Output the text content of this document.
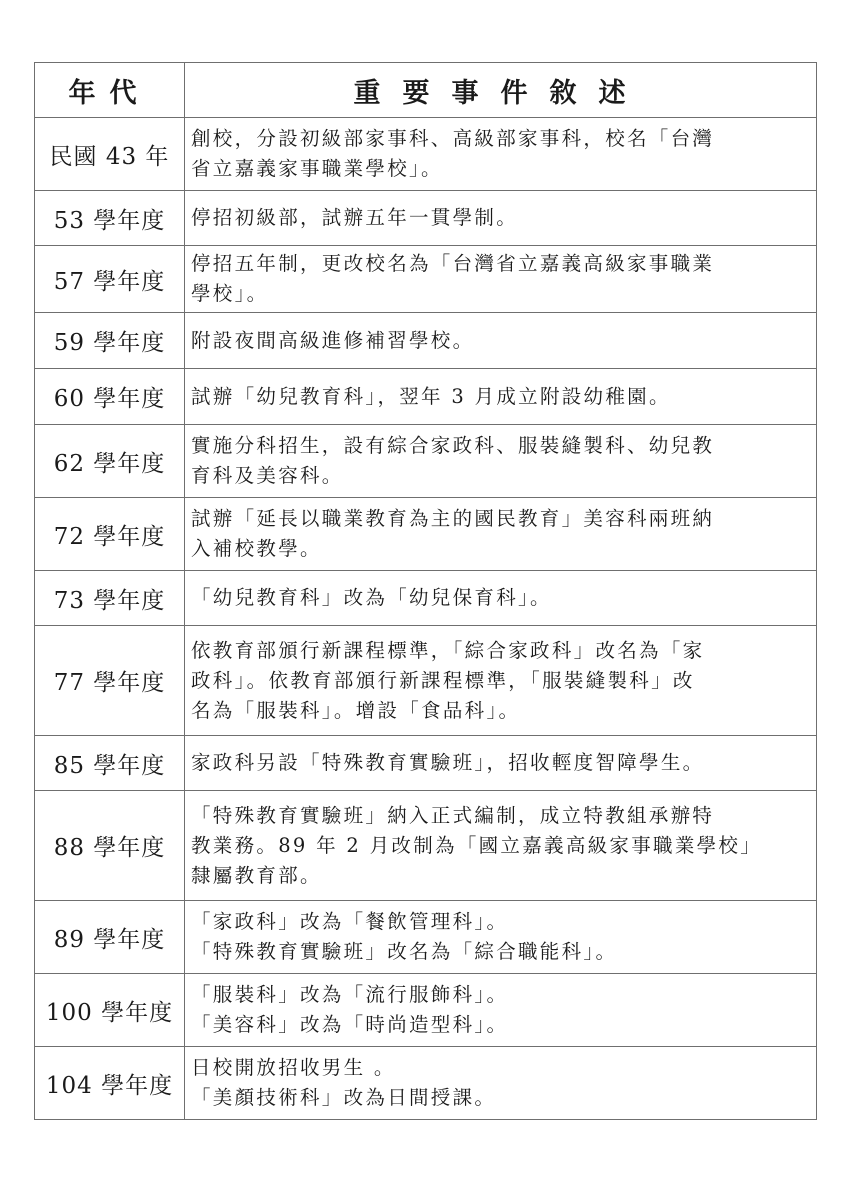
年代	重要事件敘述
民國 43 年	創校，分設初級部家事科、高級部家事科，校名「台灣
省立嘉義家事職業學校」。

53 學年度	停招初級部，試辦五年一貫學制。

57 學年度	停招五年制，更改校名為「台灣省立嘉義高級家事職業
學校」。

59 學年度	附設夜間高級進修補習學校。

60 學年度	試辦「幼兒教育科」，翌年 3 月成立附設幼稚園。

62 學年度	實施分科招生，設有綜合家政科、服裝縫製科、幼兒教
育科及美容科。

72 學年度	試辦「延長以職業教育為主的國民教育」美容科兩班納
入補校教學。

73 學年度	「幼兒教育科」改為「幼兒保育科」。

77 學年度	依教育部頒行新課程標準，「綜合家政科」改名為「家
政科」。依教育部頒行新課程標準，「服裝縫製科」改
名為「服裝科」。增設「食品科」。

85 學年度	家政科另設「特殊教育實驗班」，招收輕度智障學生。

88 學年度	「特殊教育實驗班」納入正式編制，成立特教組承辦特
教業務。89 年 2 月改制為「國立嘉義高級家事職業學校」
隸屬教育部。

89 學年度	「家政科」改為「餐飲管理科」。
「特殊教育實驗班」改名為「綜合職能科」。

100 學年度	「服裝科」改為「流行服飾科」。
「美容科」改為「時尚造型科」。

104 學年度	日校開放招收男生 。
「美顏技術科」改為日間授課。
